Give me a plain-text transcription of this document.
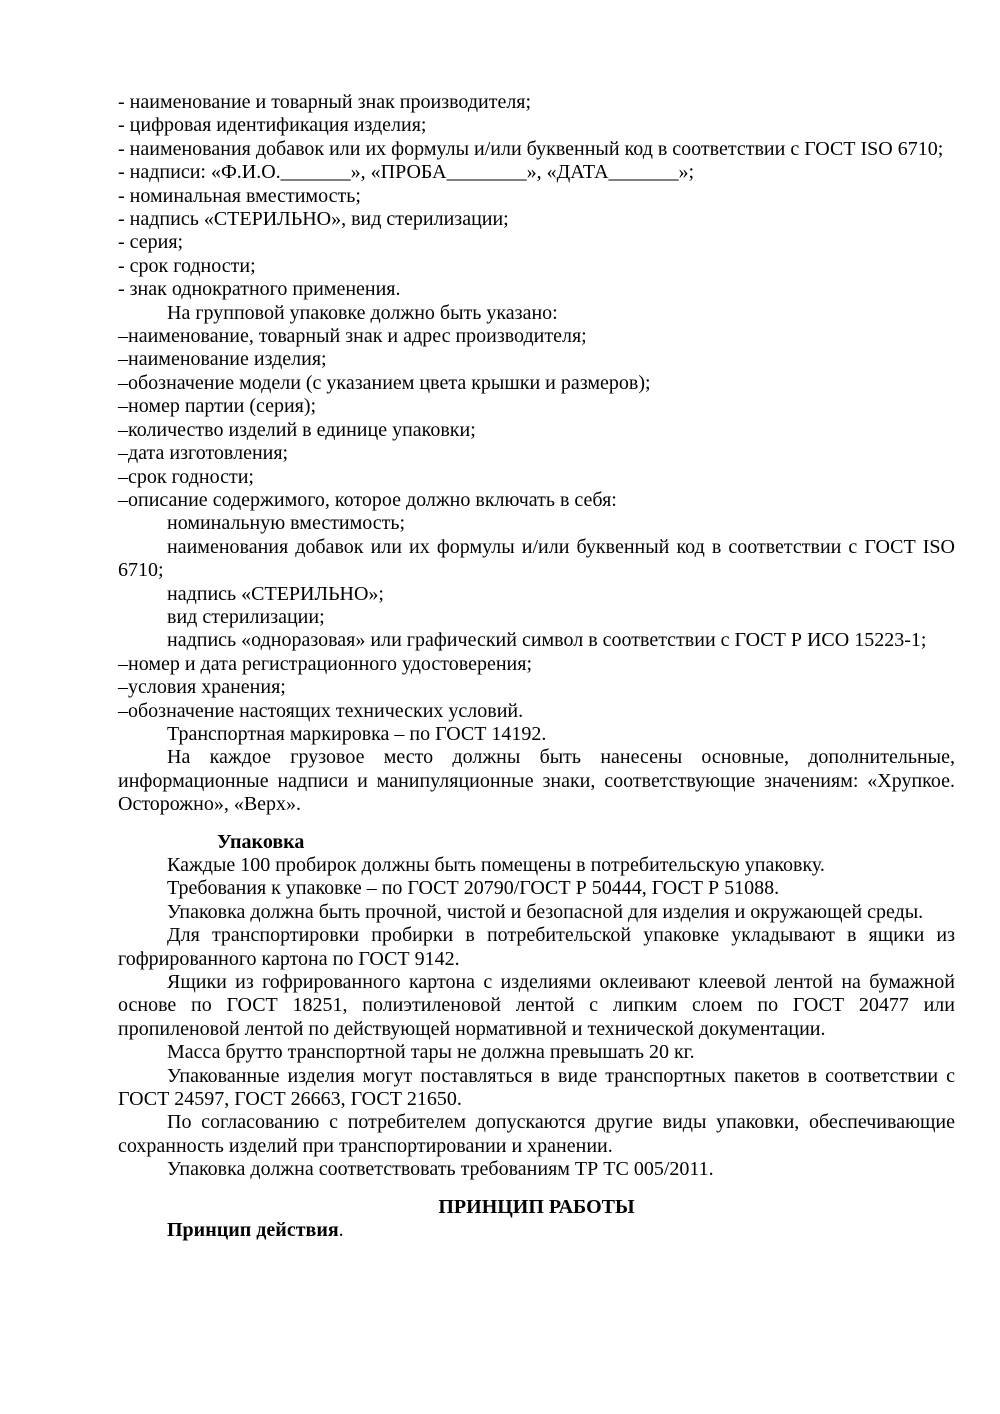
- наименование и товарный знак производителя;

- цифровая идентификация изделия;

- наименования добавок или их формулы и/или буквенный код в соответствии с ГОСТ ISO 6710;

- надписи: «Ф.И.О._______», «ПРОБА________», «ДАТА_______»;

- номинальная вместимость;

- надпись «СТЕРИЛЬНО», вид стерилизации;

- серия;

- срок годности;

- знак однократного применения.

На групповой упаковке должно быть указано:

–наименование, товарный знак и адрес производителя;

–наименование изделия;

–обозначение модели (с указанием цвета крышки и размеров);

–номер партии (серия);

–количество изделий в единице упаковки;

–дата изготовления;

–срок годности;

–описание содержимого, которое должно включать в себя:

номинальную вместимость;

наименования добавок или их формулы и/или буквенный код в соответствии с ГОСТ ISO 6710;

надпись «СТЕРИЛЬНО»;

вид стерилизации;

надпись «одноразовая» или графический символ в соответствии с ГОСТ Р ИСО 15223-1;

–номер и дата регистрационного удостоверения;

–условия хранения;

–обозначение настоящих технических условий.

Транспортная маркировка – по ГОСТ 14192.

На каждое грузовое место должны быть нанесены основные, дополнительные, информационные надписи и манипуляционные знаки, соответствующие значениям: «Хрупкое. Осторожно», «Верх».

Упаковка

Каждые 100 пробирок должны быть помещены в потребительскую упаковку.

Требования к упаковке – по ГОСТ 20790/ГОСТ Р 50444, ГОСТ Р 51088.

Упаковка должна быть прочной, чистой и безопасной для изделия и окружающей среды.

Для транспортировки пробирки в потребительской упаковке укладывают в ящики из гофрированного картона по ГОСТ 9142.

Ящики из гофрированного картона с изделиями оклеивают клеевой лентой на бумажной основе по ГОСТ 18251, полиэтиленовой лентой с липким слоем по ГОСТ 20477 или пропиленовой лентой по действующей нормативной и технической документации.

Масса брутто транспортной тары не должна превышать 20 кг.

Упакованные изделия могут поставляться в виде транспортных пакетов в соответствии с ГОСТ 24597, ГОСТ 26663, ГОСТ 21650.

По согласованию с потребителем допускаются другие виды упаковки, обеспечивающие сохранность изделий при транспортировании и хранении.

Упаковка должна соответствовать требованиям ТР ТС 005/2011.

ПРИНЦИП РАБОТЫ

Принцип действия.
